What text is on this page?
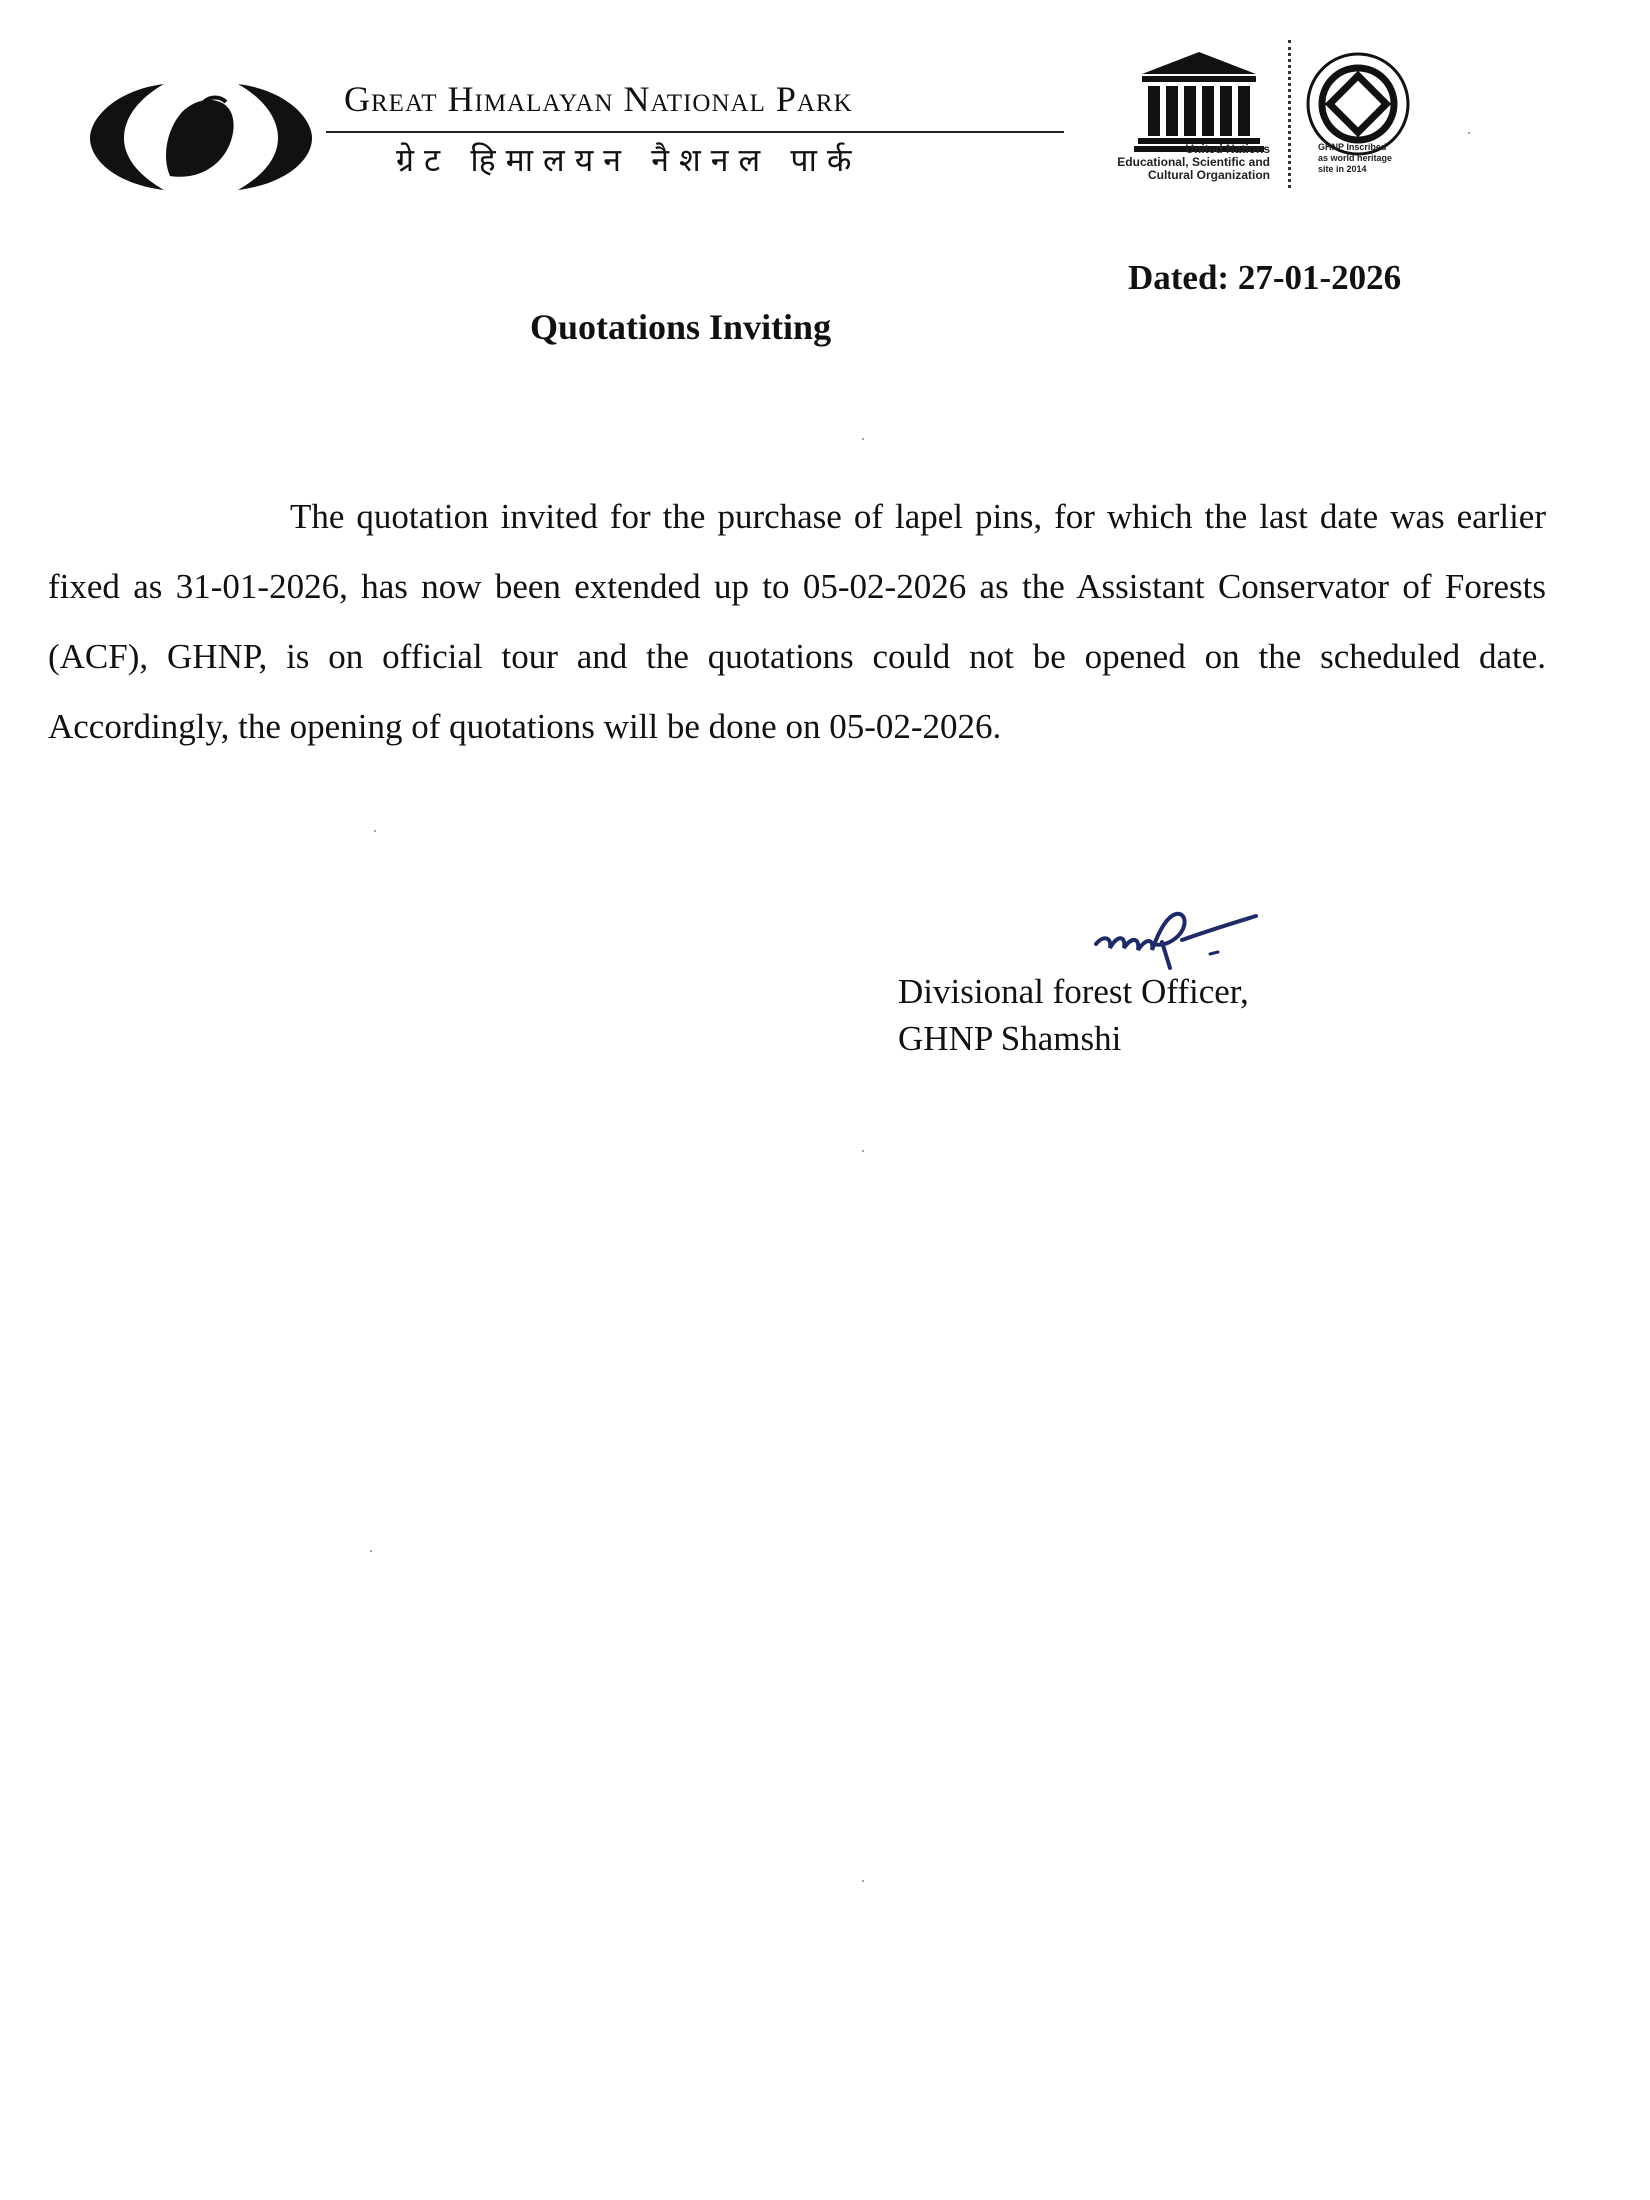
Great Himalayan National Park
ग्रेट हिमालयन नैशनल पार्क	United Nations
Educational, Scientific and
Cultural Organization
GHNP Inscribed
as world heritage
site in 2014
Dated: 27-01-2026
Quotations Inviting

The quotation invited for the purchase of lapel pins, for which the last date was earlier fixed as 31-01-2026, has now been extended up to 05-02-2026 as the Assistant Conservator of Forests (ACF), GHNP, is on official tour and the quotations could not be opened on the scheduled date. Accordingly, the opening of quotations will be done on 05-02-2026.

Divisional forest Officer,
GHNP Shamshi
